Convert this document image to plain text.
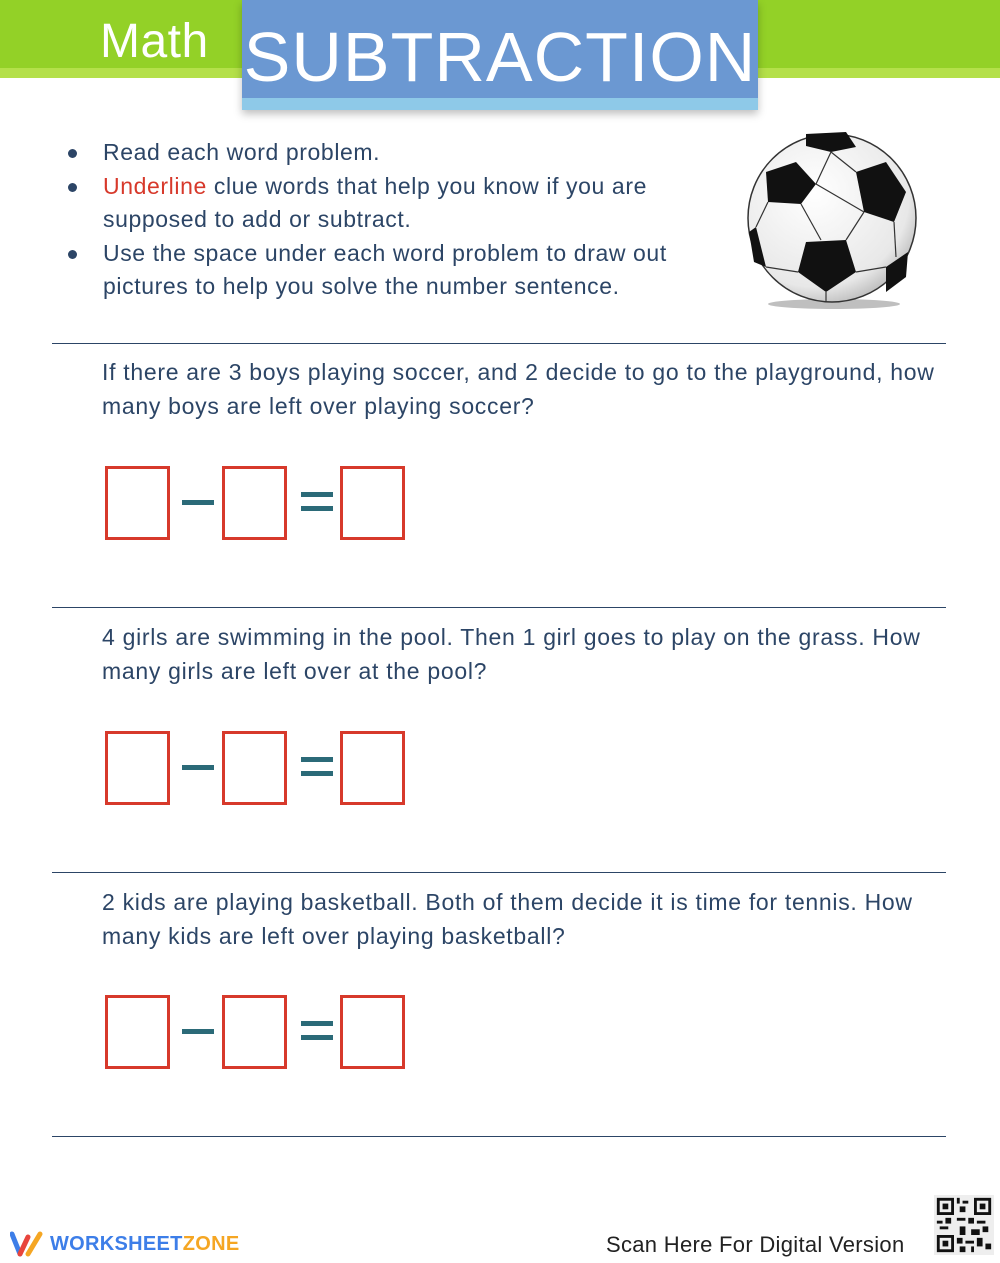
Math SUBTRACTION
Read each word problem.
Underline clue words that help you know if you are supposed to add or subtract.
Use the space under each word problem to draw out pictures to help you solve the number sentence.
If there are 3 boys playing soccer, and 2 decide to go to the playground, how many boys are left over playing soccer?
4 girls are swimming in the pool. Then 1 girl goes to play on the grass. How many girls are left over at the pool?
2 kids are playing basketball. Both of them decide it is time for tennis. How many kids are left over playing basketball?
WORKSHEETZONE	Scan Here For Digital Version
